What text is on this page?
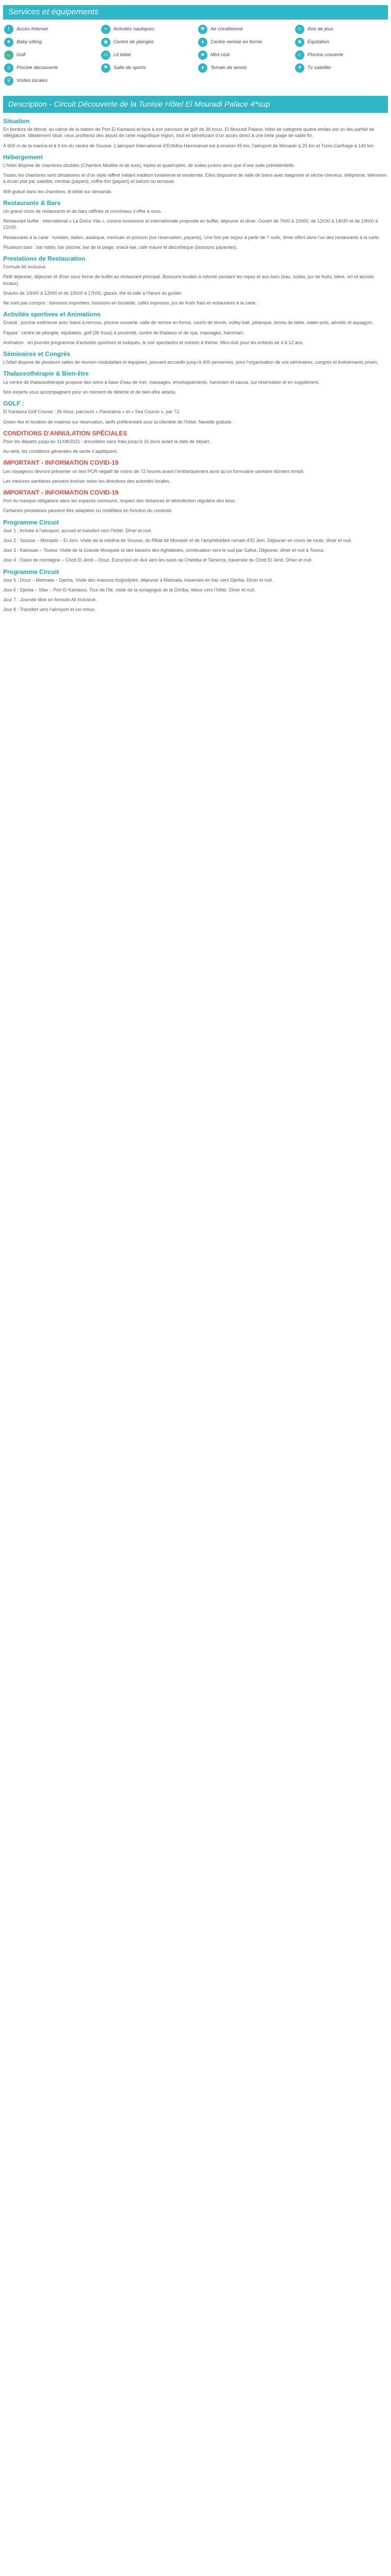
Services et équipements
⌇	Accès Internet	≈	Activités nautiques	✻	Air conditionné	☺	Aire de jeux
♥	Baby sitting	◉	Centre de plongée	♦	Centre remise en forme	♞	Équitation
⛳ Golf	▭	Lit bébé	★	Mini club	⌂	Piscine couverte
☼	Piscine découverte	⚑	Salle de sports	●	Terrain de tennis	✦	Tv satellite
⚲	Visites locales
Description - Circuit Découverte de la Tunisie Hôtel El Mouradi Palace 4*sup
Situation

En bordure de littoral, au calme de la station de Port El Kantaoui et face à son parcours de golf de 36 trous, El Mouradi Palace, hôtel de catégorie quatre étoiles est un lieu parfait de villégiature. Idéalement situé, vous profiterez des atouts de cette magnifique région, tout en bénéficiant d’un accès direct à une belle plage de sable fin.

À 600 m de la marina et à 9 km du centre de Sousse. L’aéroport International d’Enfidha-Hammamet est à environ 45 km, l’aéroport de Monastir à 25 km et Tunis-Carthage à 140 km.

Hébergement

L’hôtel dispose de chambres doubles (Chambre Modèle et de luxe), triples et quadruples, de suites juniors ainsi que d’une suite présidentielle.

Toutes les chambres sont climatisées et d’un style raffiné mêlant tradition tunisienne et modernité. Elles disposent de salle de bains avec baignoire et sèche-cheveux, téléphone, télévision à écran plat par satellite, minibar (payant), coffre-fort (payant) et balcon ou terrasse.

Wifi gratuit dans les chambres, lit bébé sur demande.

Restaurants & Bars

Un grand choix de restaurants et de bars raffinés et conviviaux s’offre à vous.

Restaurant buffet : international « La Dolce Vita », cuisine tunisienne et internationale proposée en buffet, déjeuner et dîner. Ouvert de 7h00 à 10h00, de 12h30 à 14h30 et de 19h00 à 21h30.

Restaurants à la carte : tunisien, italien, asiatique, mexicain et poisson (sur réservation, payants). Une fois par séjour à partir de 7 nuits, dîner offert dans l’un des restaurants à la carte.

Plusieurs bars : bar lobby, bar piscine, bar de la plage, snack-bar, café maure et discothèque (boissons payantes).

Prestations de Restauration

Formule All Inclusive.

Petit déjeuner, déjeuner et dîner sous forme de buffet au restaurant principal. Boissons locales à volonté pendant les repas et aux bars (eau, sodas, jus de fruits, bière, vin et alcools locaux).

Snacks de 10h00 à 12h00 et de 15h00 à 17h00, glaces, thé et café à l’heure du goûter.

Ne sont pas compris : boissons importées, boissons en bouteille, cafés expresso, jus de fruits frais et restaurants à la carte.

Activités sportives et Animations

Gratuit : piscine extérieure avec bains à remous, piscine couverte, salle de remise en forme, courts de tennis, volley-ball, pétanque, tennis de table, water-polo, aérobic et aquagym.

Payant : centre de plongée, équitation, golf (36 trous) à proximité, centre de thalasso et de spa, massages, hammam.

Animation : en journée programme d’activités sportives et ludiques, le soir spectacles et soirées à thème. Mini-club pour les enfants de 4 à 12 ans.

Séminaires et Congrès

L’hôtel dispose de plusieurs salles de réunion modulables et équipées, pouvant accueillir jusqu’à 400 personnes, pour l’organisation de vos séminaires, congrès et événements privés.

Thalassothérapie & Bien-être

Le centre de thalassothérapie propose des soins à base d’eau de mer, massages, enveloppements, hammam et sauna, sur réservation et en supplément.

Nos experts vous accompagnent pour un moment de détente et de bien-être absolu.

GOLF :

El Kantaoui Golf Course : 36 trous, parcours « Panorama » et « Sea Course », par 72.

Green-fee et location de matériel sur réservation, tarifs préférentiels pour la clientèle de l’hôtel. Navette gratuite.

CONDITIONS D’ANNULATION SPÉCIALES

Pour les départs jusqu’au 31/08/2021 : annulation sans frais jusqu’à 15 jours avant la date de départ.

Au-delà, les conditions générales de vente s’appliquent.

IMPORTANT - INFORMATION COVID-19

Les voyageurs devront présenter un test PCR négatif de moins de 72 heures avant l’embarquement ainsi qu’un formulaire sanitaire dûment rempli.

Les mesures sanitaires peuvent évoluer selon les directives des autorités locales.

IMPORTANT - INFORMATION COVID-19

Port du masque obligatoire dans les espaces communs, respect des distances et désinfection régulière des lieux.

Certaines prestations peuvent être adaptées ou modifiées en fonction du contexte.

Programme Circuit

Jour 1 : Arrivée à l’aéroport, accueil et transfert vers l’hôtel. Dîner et nuit.

Jour 2 : Sousse – Monastir – El Jem. Visite de la médina de Sousse, du Ribat de Monastir et de l’amphithéâtre romain d’El Jem. Déjeuner en cours de route, dîner et nuit.

Jour 3 : Kairouan – Tozeur. Visite de la Grande Mosquée et des bassins des Aghlabides, continuation vers le sud par Gafsa. Déjeuner, dîner et nuit à Tozeur.

Jour 4 : Oasis de montagne – Chott El Jerid – Douz. Excursion en 4x4 vers les oasis de Chebika et Tamerza, traversée du Chott El Jerid. Dîner et nuit.

Programme Circuit

Jour 5 : Douz – Matmata – Djerba. Visite des maisons troglodytes, déjeuner à Matmata, traversée en bac vers Djerba. Dîner et nuit.

Jour 6 : Djerba – Sfax – Port El Kantaoui. Tour de l’île, visite de la synagogue de la Ghriba, retour vers l’hôtel. Dîner et nuit.

Jour 7 : Journée libre en formule All Inclusive.

Jour 8 : Transfert vers l’aéroport et vol retour.
